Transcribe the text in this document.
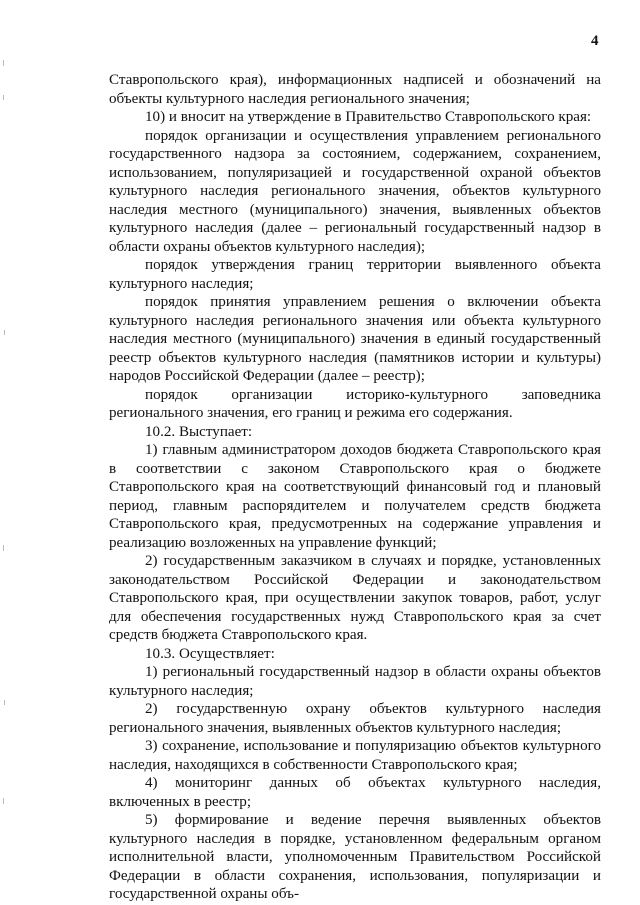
4

Ставропольского края), информационных надписей и обозначений на объекты культурного наследия регионального значения;

10) и вносит на утверждение в Правительство Ставропольского края:

порядок организации и осуществления управлением регионального государственного надзора за состоянием, содержанием, сохранением, использованием, популяризацией и государственной охраной объектов культурного наследия регионального значения, объектов культурного наследия местного (муниципального) значения, выявленных объектов культурного наследия (далее – региональный государственный надзор в области охраны объектов культурного наследия);

порядок утверждения границ территории выявленного объекта культурного наследия;

порядок принятия управлением решения о включении объекта культурного наследия регионального значения или объекта культурного наследия местного (муниципального) значения в единый государственный реестр объектов культурного наследия (памятников истории и культуры) народов Российской Федерации (далее – реестр);

порядок организации историко-культурного заповедника регионального значения, его границ и режима его содержания.

10.2. Выступает:

1) главным администратором доходов бюджета Ставропольского края в соответствии с законом Ставропольского края о бюджете Ставропольского края на соответствующий финансовый год и плановый период, главным распорядителем и получателем средств бюджета Ставропольского края, предусмотренных на содержание управления и реализацию возложенных на управление функций;

2) государственным заказчиком в случаях и порядке, установленных законодательством Российской Федерации и законодательством Ставропольского края, при осуществлении закупок товаров, работ, услуг для обеспечения государственных нужд Ставропольского края за счет средств бюджета Ставропольского края.

10.3. Осуществляет:

1) региональный государственный надзор в области охраны объектов культурного наследия;

2) государственную охрану объектов культурного наследия регионального значения, выявленных объектов культурного наследия;

3) сохранение, использование и популяризацию объектов культурного наследия, находящихся в собственности Ставропольского края;

4) мониторинг данных об объектах культурного наследия, включенных в реестр;

5) формирование и ведение перечня выявленных объектов культурного наследия в порядке, установленном федеральным органом исполнительной власти, уполномоченным Правительством Российской Федерации в области сохранения, использования, популяризации и государственной охраны объ-
